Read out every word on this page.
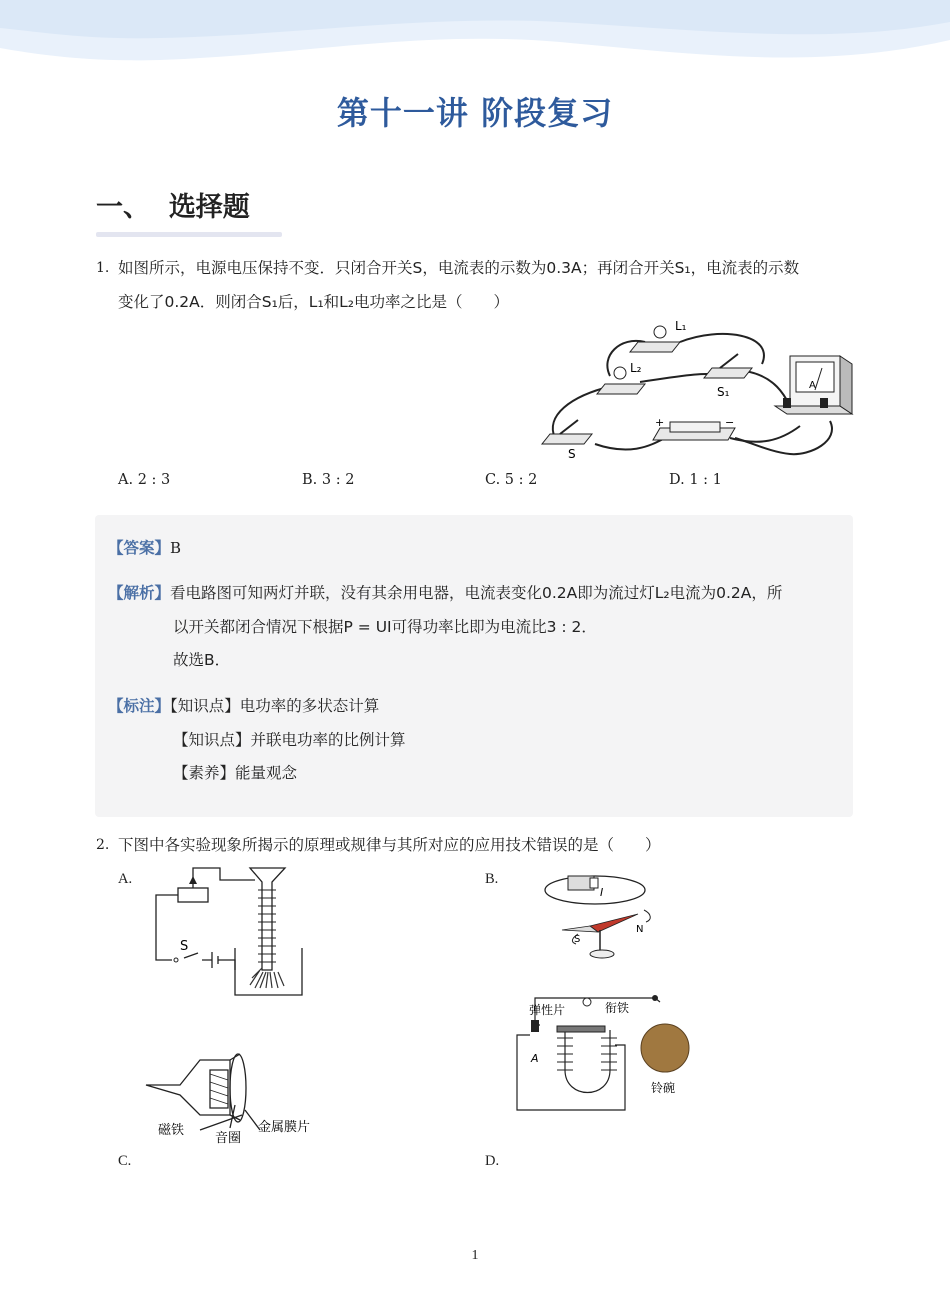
第十一讲 阶段复习
一、 选择题
1. 如图所示，电源电压保持不变．只闭合开关S，电流表的示数为0.3A；再闭合开关S₁，电流表的示数
变化了0.2A．则闭合S₁后，L₁和L₂电功率之比是（　　）
L₁
L₂
S₁
S
A
+	−
A. 2 : 3	B. 3 : 2	C. 5 : 2	D. 1 : 1
【答案】B
【解析】看电路图可知两灯并联，没有其余用电器，电流表变化0.2A即为流过灯L₂电流为0.2A，所
以开关都闭合情况下根据P = UI可得功率比即为电流比3 : 2．
故选B．
【标注】【知识点】电功率的多状态计算
【知识点】并联电功率的比例计算
【素养】能量观念
2. 下图中各实验现象所揭示的原理或规律与其所对应的应用技术错误的是（　　）
A.	B.
C.	D.
S
I
N
S
磁铁
音圈
金属膜片
弹性片	衔铁
铃碗
A
1
